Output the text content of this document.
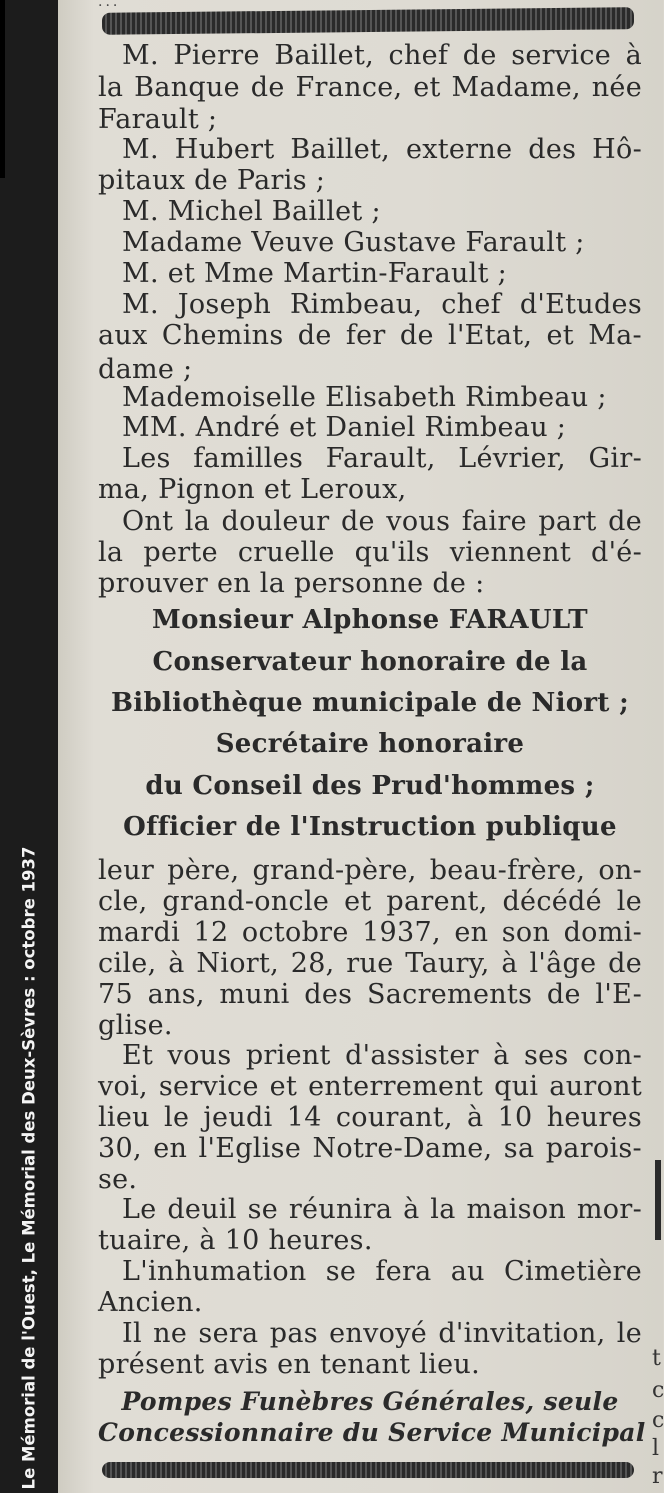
Le Mémorial de l'Ouest, Le Mémorial des Deux-Sèvres : octobre 1937
...
M. Pierre Baillet, chef de service à
la Banque de France, et Madame, née
Farault ;
M. Hubert Baillet, externe des Hô-
pitaux de Paris ;
M. Michel Baillet ;
Madame Veuve Gustave Farault ;
M. et Mme Martin-Farault ;
M. Joseph Rimbeau, chef d'Etudes
aux Chemins de fer de l'Etat, et Ma-
dame ;
Mademoiselle Elisabeth Rimbeau ;
MM. André et Daniel Rimbeau ;
Les familles Farault, Lévrier, Gir-
ma, Pignon et Leroux,
Ont la douleur de vous faire part de
la perte cruelle qu'ils viennent d'é-
prouver en la personne de :
Monsieur Alphonse FARAULT
Conservateur honoraire de la
Bibliothèque municipale de Niort ;
Secrétaire honoraire
du Conseil des Prud'hommes ;
Officier de l'Instruction publique
leur père, grand-père, beau-frère, on-
cle, grand-oncle et parent, décédé le
mardi 12 octobre 1937, en son domi-
cile, à Niort, 28, rue Taury, à l'âge de
75 ans, muni des Sacrements de l'E-
glise.
Et vous prient d'assister à ses con-
voi, service et enterrement qui auront
lieu le jeudi 14 courant, à 10 heures
30, en l'Eglise Notre-Dame, sa parois-
se.
Le deuil se réunira à la maison mor-
tuaire, à 10 heures.
L'inhumation se fera au Cimetière
Ancien.
Il ne sera pas envoyé d'invitation, le
présent avis en tenant lieu.
Pompes Funèbres Générales, seule
Concessionnaire du Service Municipal
t
c
c
l
r
